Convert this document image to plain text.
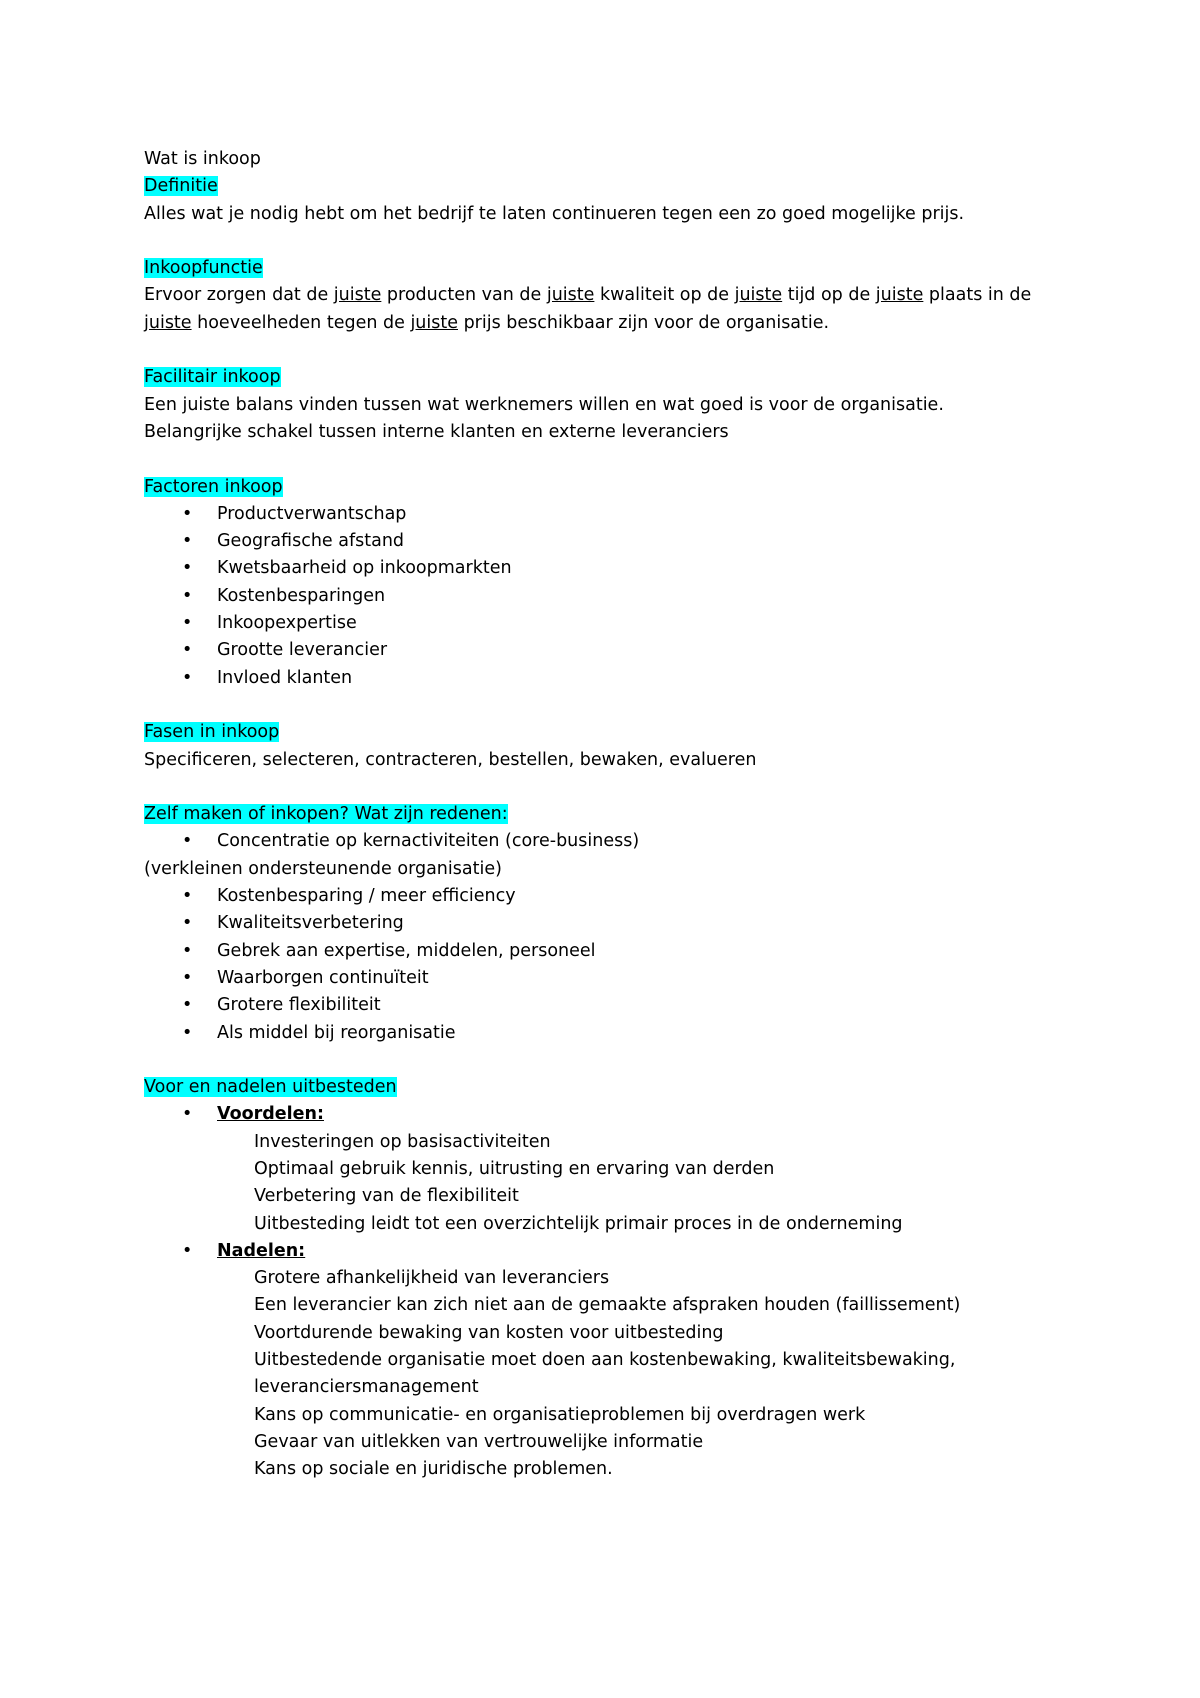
Wat is inkoop
Definitie
Alles wat je nodig hebt om het bedrijf te laten continueren tegen een zo goed mogelijke prijs.
Inkoopfunctie
Ervoor zorgen dat de juiste producten van de juiste kwaliteit op de juiste tijd op de juiste plaats in de
juiste hoeveelheden tegen de juiste prijs beschikbaar zijn voor de organisatie.
Facilitair inkoop
Een juiste balans vinden tussen wat werknemers willen en wat goed is voor de organisatie.
Belangrijke schakel tussen interne klanten en externe leveranciers
Factoren inkoop
• Productverwantschap
• Geografische afstand
• Kwetsbaarheid op inkoopmarkten
• Kostenbesparingen
• Inkoopexpertise
• Grootte leverancier
• Invloed klanten
Fasen in inkoop
Specificeren, selecteren, contracteren, bestellen, bewaken, evalueren
Zelf maken of inkopen? Wat zijn redenen:
• Concentratie op kernactiviteiten (core-business)
(verkleinen ondersteunende organisatie)
• Kostenbesparing / meer efficiency
• Kwaliteitsverbetering
• Gebrek aan expertise, middelen, personeel
• Waarborgen continuïteit
• Grotere flexibiliteit
• Als middel bij reorganisatie
Voor en nadelen uitbesteden
• Voordelen:
Investeringen op basisactiviteiten
Optimaal gebruik kennis, uitrusting en ervaring van derden
Verbetering van de flexibiliteit
Uitbesteding leidt tot een overzichtelijk primair proces in de onderneming
• Nadelen:
Grotere afhankelijkheid van leveranciers
Een leverancier kan zich niet aan de gemaakte afspraken houden (faillissement)
Voortdurende bewaking van kosten voor uitbesteding
Uitbestedende organisatie moet doen aan kostenbewaking, kwaliteitsbewaking,
leveranciersmanagement
Kans op communicatie- en organisatieproblemen bij overdragen werk
Gevaar van uitlekken van vertrouwelijke informatie
Kans op sociale en juridische problemen.
